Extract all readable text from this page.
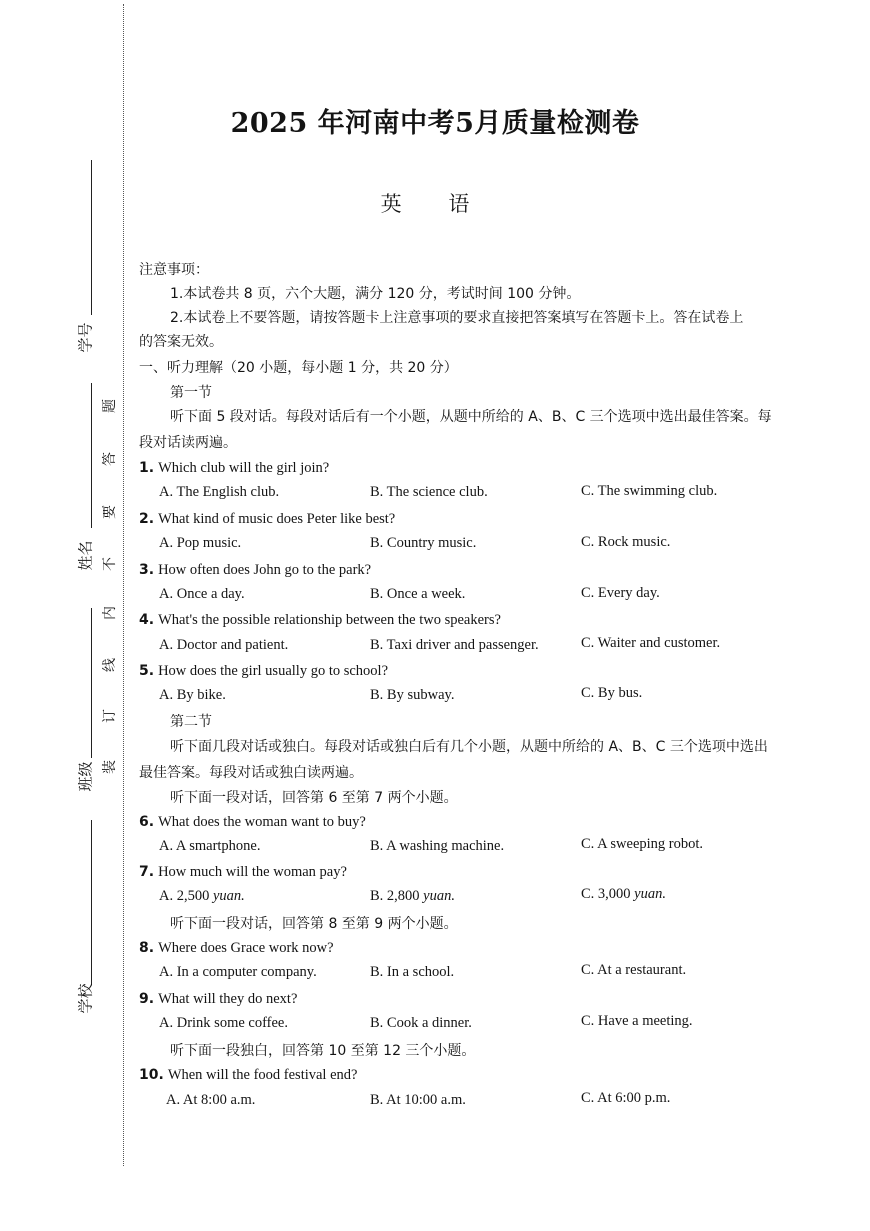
学号
姓名
班级
学校
题
答
要
不
内
线
订
装
2025 年河南中考5月质量检测卷
英 语
注意事项：
1.本试卷共 8 页，六个大题，满分 120 分，考试时间 100 分钟。
2.本试卷上不要答题，请按答题卡上注意事项的要求直接把答案填写在答题卡上。答在试卷上
的答案无效。
一、听力理解（20 小题，每小题 1 分，共 20 分）
第一节
听下面 5 段对话。每段对话后有一个小题，从题中所给的 A、B、C 三个选项中选出最佳答案。每
段对话读两遍。
1. Which club will the girl join?
A. The English club.	B. The science club.	C. The swimming club.
2. What kind of music does Peter like best?
A. Pop music.	B. Country music.	C. Rock music.
3. How often does John go to the park?
A. Once a day.	B. Once a week.	C. Every day.
4. What's the possible relationship between the two speakers?
A. Doctor and patient.	B. Taxi driver and passenger.	C. Waiter and customer.
5. How does the girl usually go to school?
A. By bike.	B. By subway.	C. By bus.
第二节
听下面几段对话或独白。每段对话或独白后有几个小题，从题中所给的 A、B、C 三个选项中选出
最佳答案。每段对话或独白读两遍。
听下面一段对话，回答第 6 至第 7 两个小题。
6. What does the woman want to buy?
A. A smartphone.	B. A washing machine.	C. A sweeping robot.
7. How much will the woman pay?
A. 2,500 yuan.	B. 2,800 yuan.	C. 3,000 yuan.
听下面一段对话，回答第 8 至第 9 两个小题。
8. Where does Grace work now?
A. In a computer company.	B. In a school.	C. At a restaurant.
9. What will they do next?
A. Drink some coffee.	B. Cook a dinner.	C. Have a meeting.
听下面一段独白，回答第 10 至第 12 三个小题。
10. When will the food festival end?
A. At 8:00 a.m.	B. At 10:00 a.m.	C. At 6:00 p.m.
